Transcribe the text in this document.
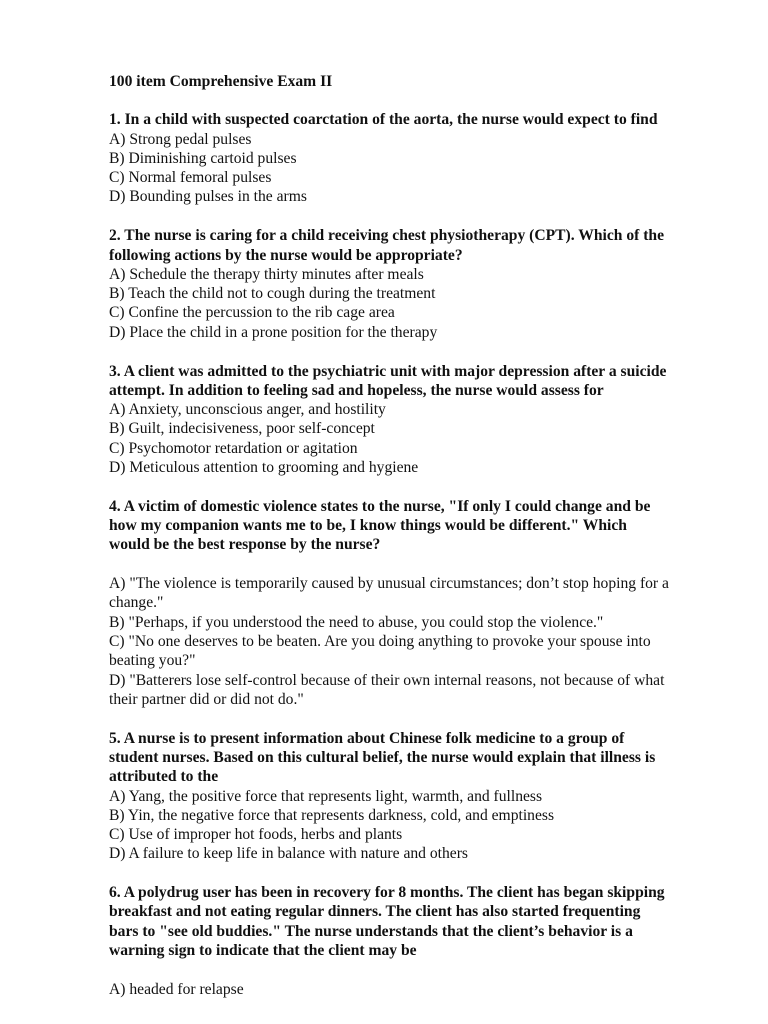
100 item Comprehensive Exam II
1. In a child with suspected coarctation of the aorta, the nurse would expect to find
A) Strong pedal pulses
B) Diminishing cartoid pulses
C) Normal femoral pulses
D) Bounding pulses in the arms
2. The nurse is caring for a child receiving chest physiotherapy (CPT). Which of the
following actions by the nurse would be appropriate?
A) Schedule the therapy thirty minutes after meals
B) Teach the child not to cough during the treatment
C) Confine the percussion to the rib cage area
D) Place the child in a prone position for the therapy
3. A client was admitted to the psychiatric unit with major depression after a suicide
attempt. In addition to feeling sad and hopeless, the nurse would assess for
A) Anxiety, unconscious anger, and hostility
B) Guilt, indecisiveness, poor self-concept
C) Psychomotor retardation or agitation
D) Meticulous attention to grooming and hygiene
4. A victim of domestic violence states to the nurse, "If only I could change and be
how my companion wants me to be, I know things would be different." Which
would be the best response by the nurse?
A) "The violence is temporarily caused by unusual circumstances; don’t stop hoping for a
change."
B) "Perhaps, if you understood the need to abuse, you could stop the violence."
C) "No one deserves to be beaten. Are you doing anything to provoke your spouse into
beating you?"
D) "Batterers lose self-control because of their own internal reasons, not because of what
their partner did or did not do."
5. A nurse is to present information about Chinese folk medicine to a group of
student nurses. Based on this cultural belief, the nurse would explain that illness is
attributed to the
A) Yang, the positive force that represents light, warmth, and fullness
B) Yin, the negative force that represents darkness, cold, and emptiness
C) Use of improper hot foods, herbs and plants
D) A failure to keep life in balance with nature and others
6. A polydrug user has been in recovery for 8 months. The client has began skipping
breakfast and not eating regular dinners. The client has also started frequenting
bars to "see old buddies." The nurse understands that the client’s behavior is a
warning sign to indicate that the client may be
A) headed for relapse
